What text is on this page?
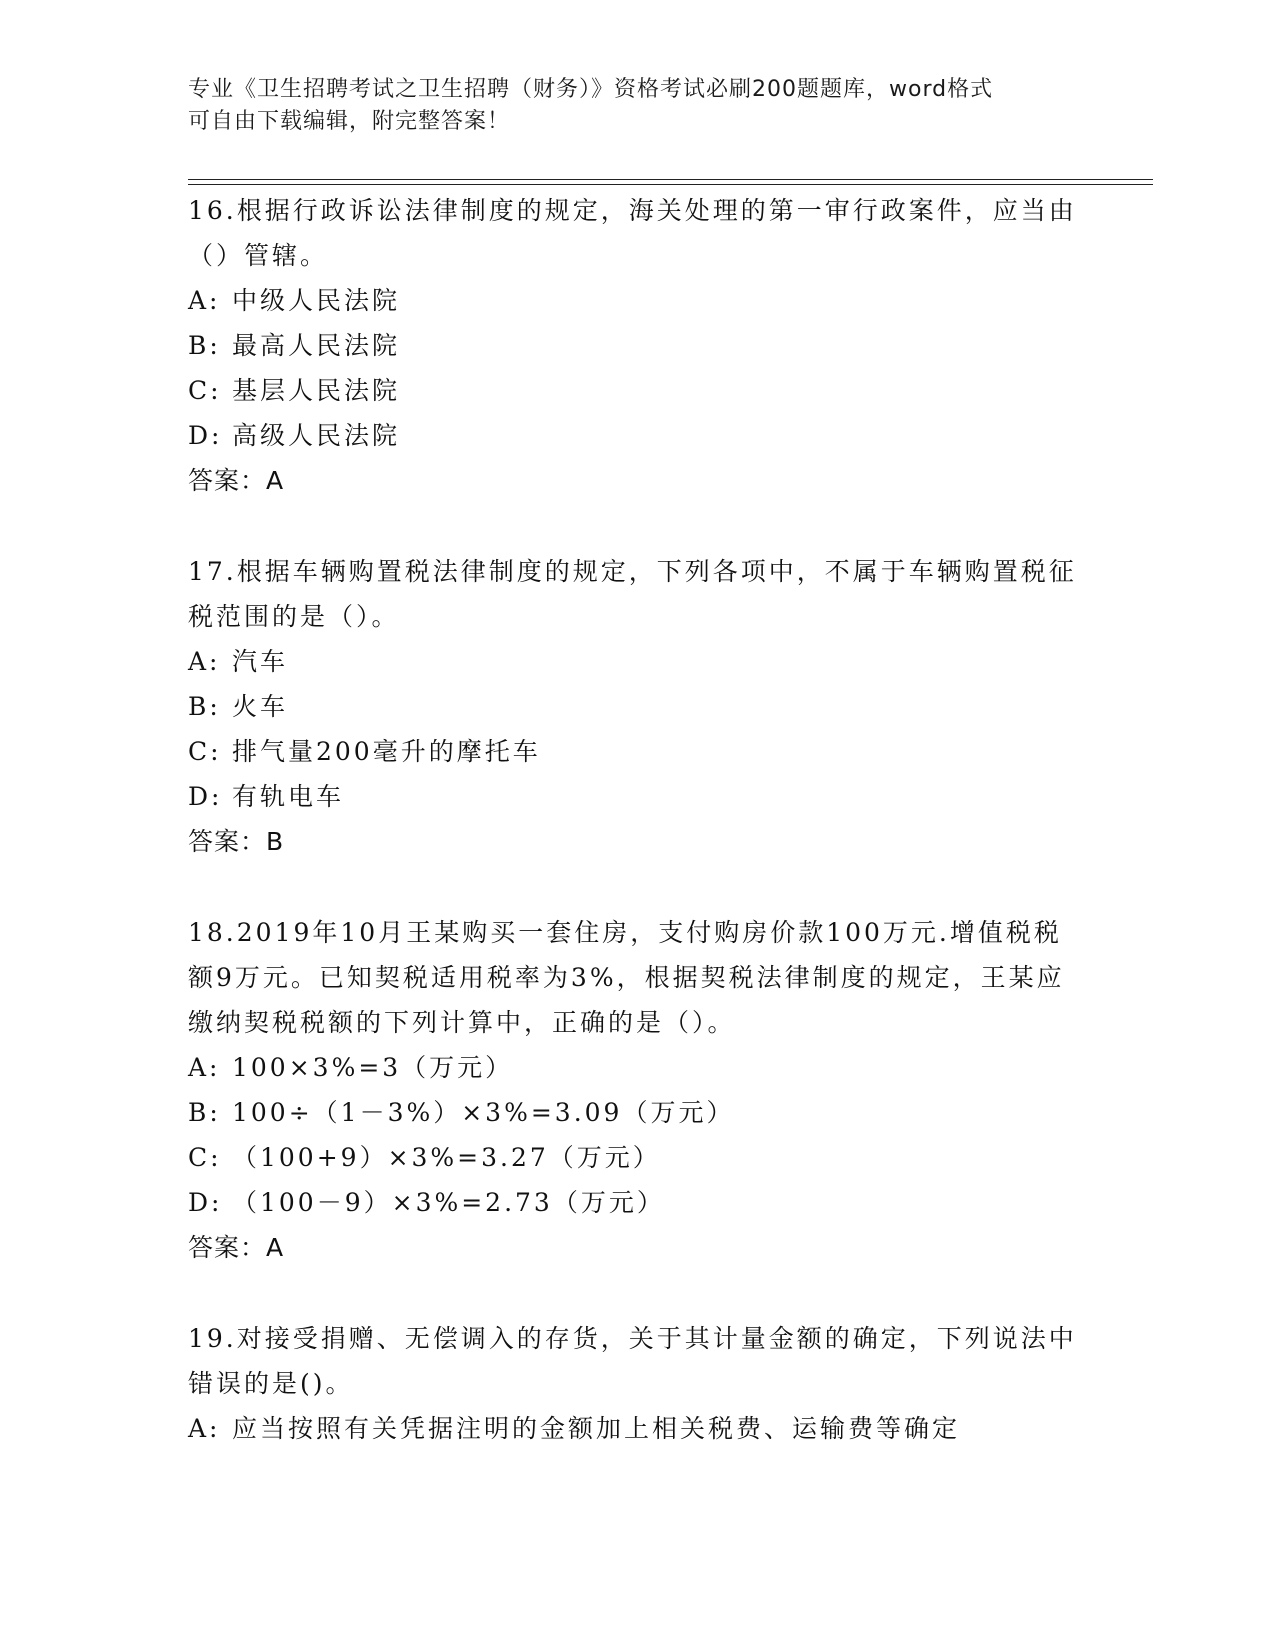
专业《卫生招聘考试之卫生招聘（财务）》资格考试必刷200题题库，word格式
可自由下载编辑，附完整答案！

16.根据行政诉讼法律制度的规定，海关处理的第一审行政案件，应当由（）管辖。

A: 中级人民法院

B: 最高人民法院

C: 基层人民法院

D: 高级人民法院

答案：A

17.根据车辆购置税法律制度的规定，下列各项中，不属于车辆购置税征税范围的是（）。

A: 汽车

B: 火车

C: 排气量200毫升的摩托车

D: 有轨电车

答案：B

18.2019年10月王某购买一套住房，支付购房价款100万元.增值税税额9万元。已知契税适用税率为3%，根据契税法律制度的规定，王某应缴纳契税税额的下列计算中，正确的是（）。

A: 100×3%=3（万元）

B: 100÷（1－3%）×3%=3.09（万元）

C: （100+9）×3%=3.27（万元）

D: （100－9）×3%=2.73（万元）

答案：A

19.对接受捐赠、无偿调入的存货，关于其计量金额的确定，下列说法中错误的是()。

A: 应当按照有关凭据注明的金额加上相关税费、运输费等确定
